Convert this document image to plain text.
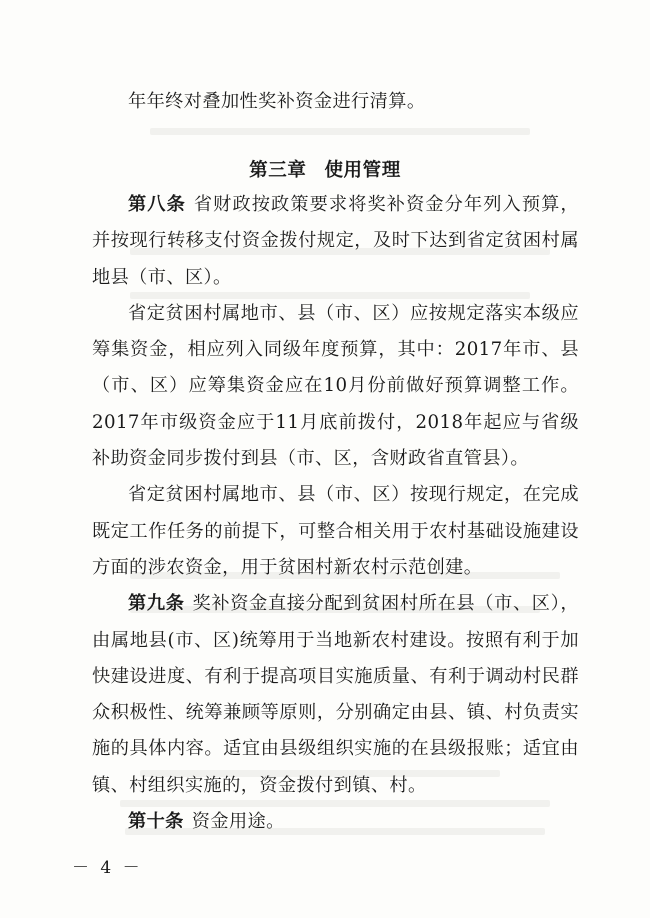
年年终对叠加性奖补资金进行清算。

第三章 使用管理

第八条 省财政按政策要求将奖补资金分年列入预算，并按现行转移支付资金拨付规定，及时下达到省定贫困村属地县（市、区）。

省定贫困村属地市、县（市、区）应按规定落实本级应筹集资金，相应列入同级年度预算，其中：2017年市、县（市、区）应筹集资金应在10月份前做好预算调整工作。2017年市级资金应于11月底前拨付，2018年起应与省级补助资金同步拨付到县（市、区，含财政省直管县）。

省定贫困村属地市、县（市、区）按现行规定，在完成既定工作任务的前提下，可整合相关用于农村基础设施建设方面的涉农资金，用于贫困村新农村示范创建。

第九条 奖补资金直接分配到贫困村所在县（市、区），由属地县(市、区)统筹用于当地新农村建设。按照有利于加快建设进度、有利于提高项目实施质量、有利于调动村民群众积极性、统筹兼顾等原则，分别确定由县、镇、村负责实施的具体内容。适宜由县级组织实施的在县级报账；适宜由镇、村组织实施的，资金拨付到镇、村。

第十条 资金用途。

－ 4 －
